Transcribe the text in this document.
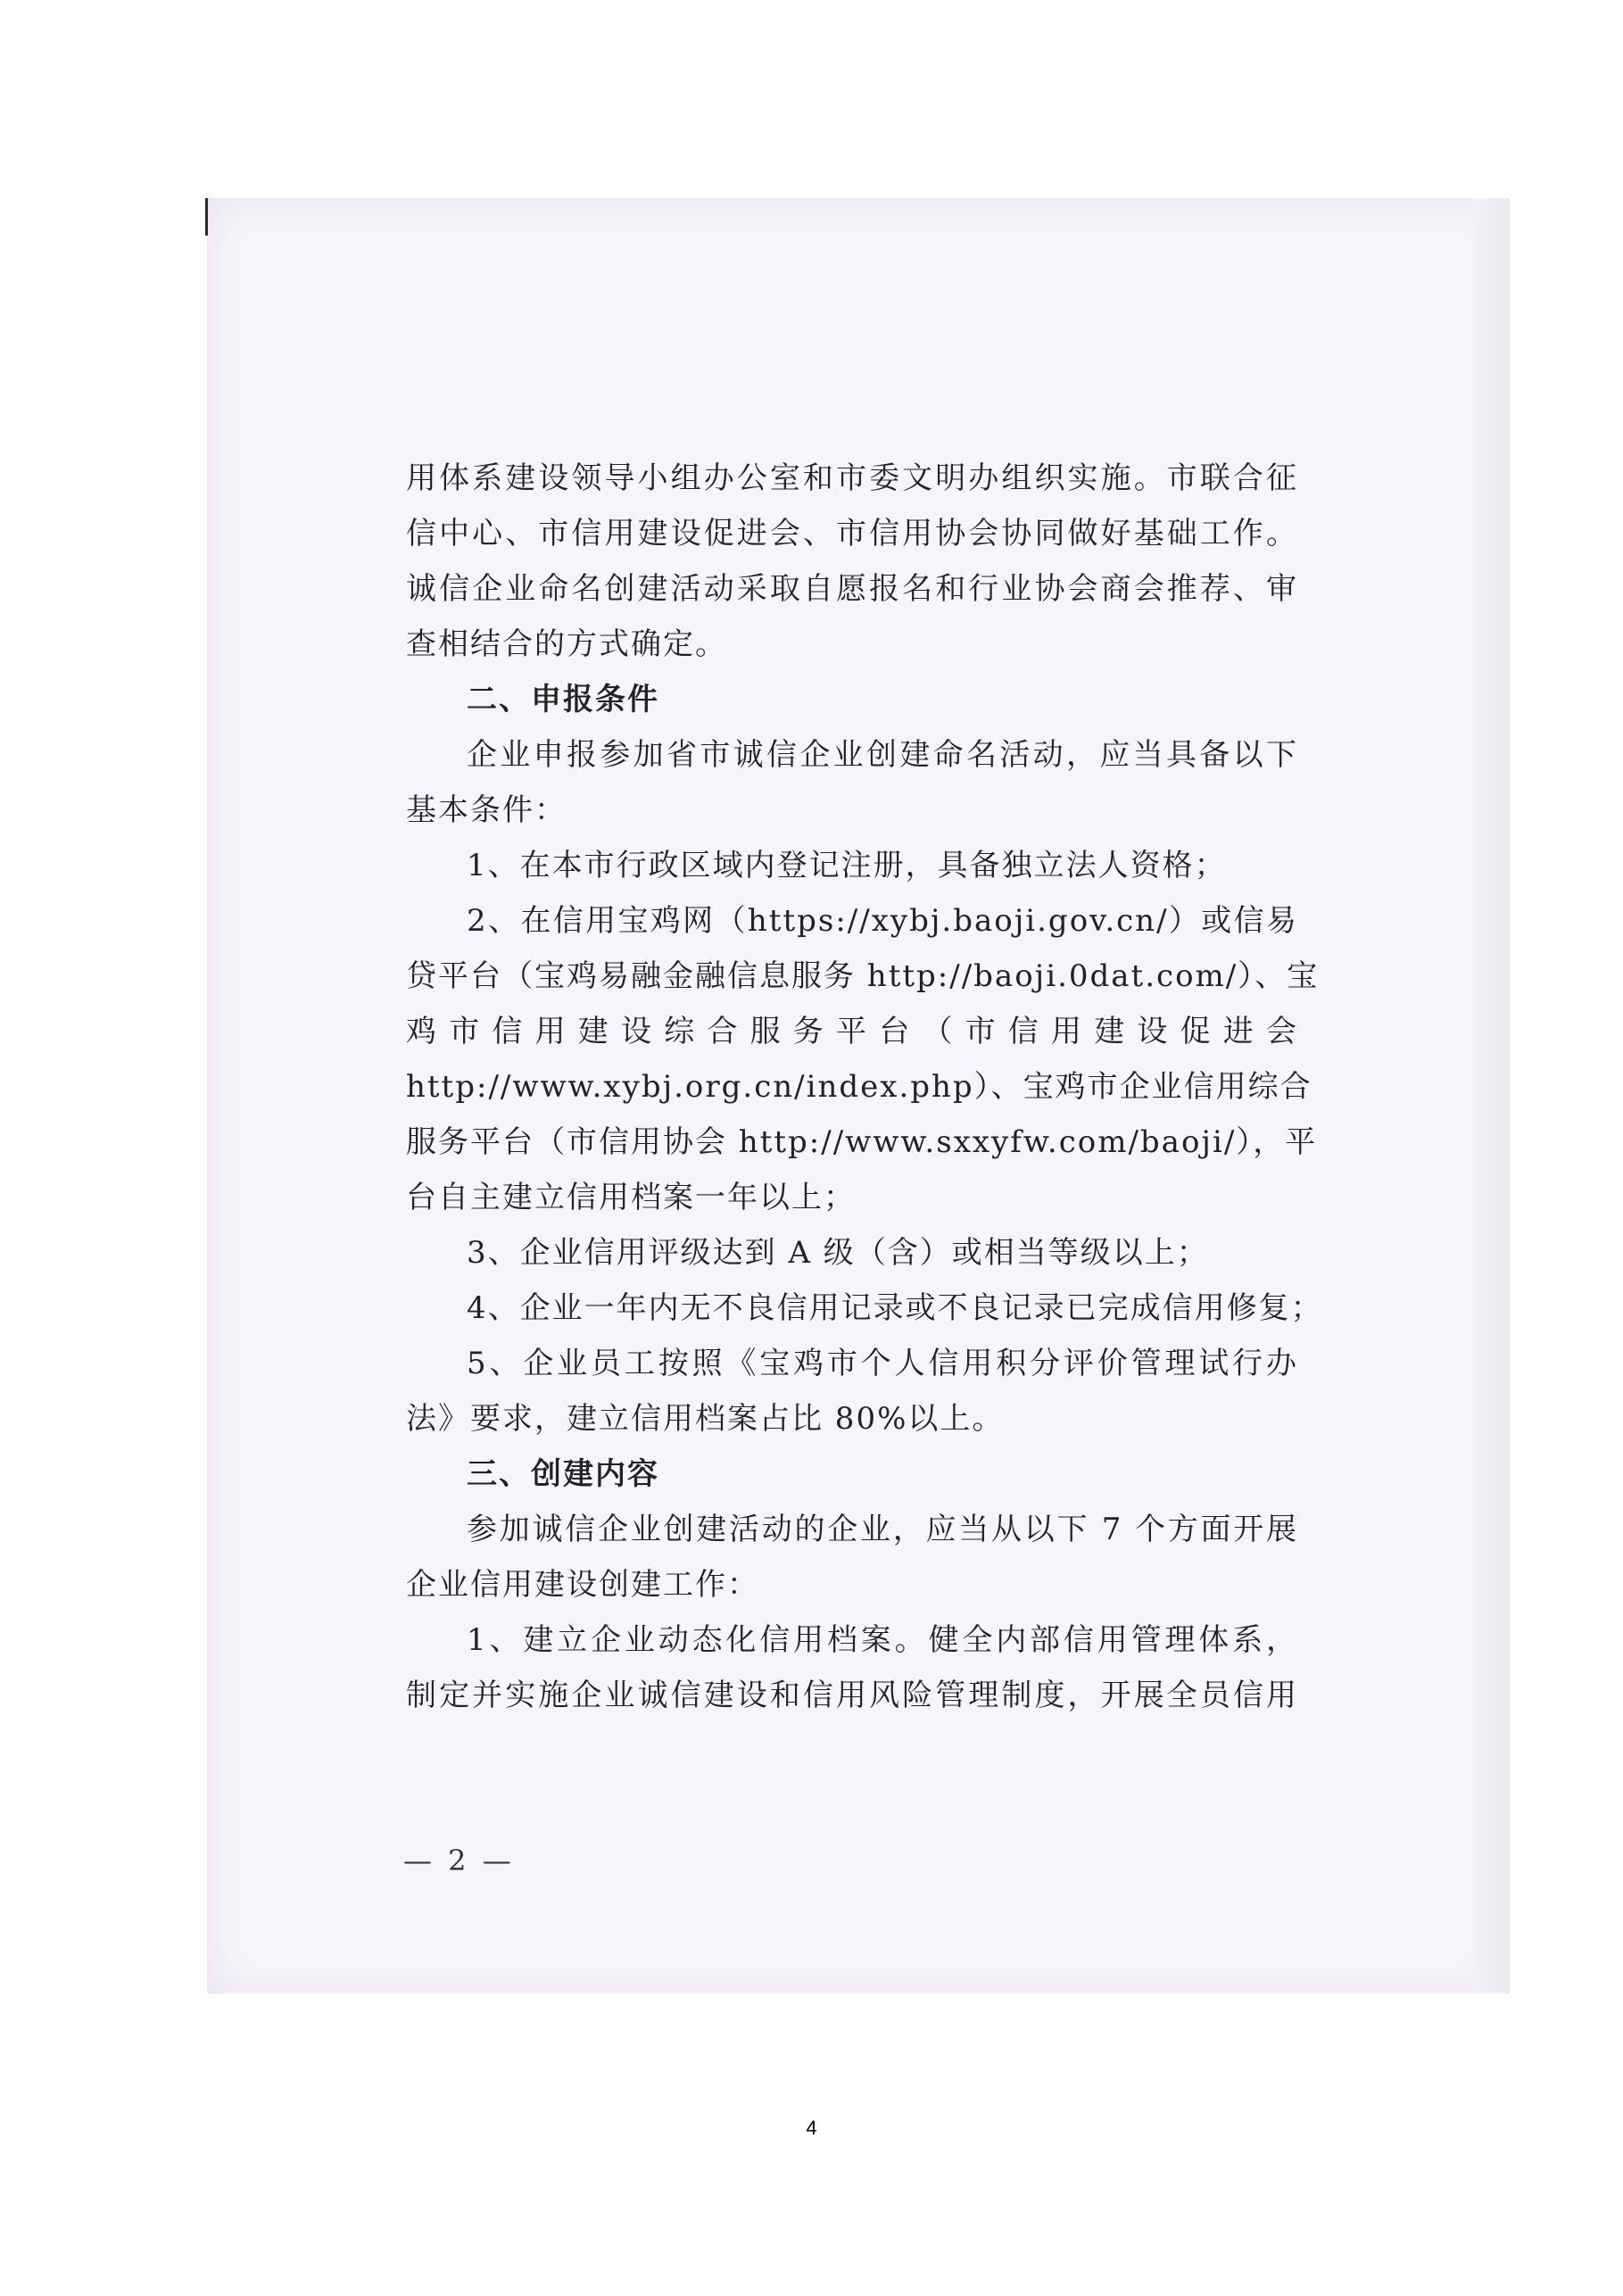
用体系建设领导小组办公室和市委文明办组织实施。市联合征
信中心、市信用建设促进会、市信用协会协同做好基础工作。
诚信企业命名创建活动采取自愿报名和行业协会商会推荐、审
查相结合的方式确定。
二、申报条件
企业申报参加省市诚信企业创建命名活动，应当具备以下
基本条件：
1、在本市行政区域内登记注册，具备独立法人资格；
2、在信用宝鸡网（https://xybj.baoji.gov.cn/）或信易
贷平台（宝鸡易融金融信息服务 http://baoji.0dat.com/）、宝
鸡市信用建设综合服务平台（市信用建设促进会
http://www.xybj.org.cn/index.php）、宝鸡市企业信用综合
服务平台（市信用协会 http://www.sxxyfw.com/baoji/），平
台自主建立信用档案一年以上；
3、企业信用评级达到 A 级（含）或相当等级以上；
4、企业一年内无不良信用记录或不良记录已完成信用修复；
5、企业员工按照《宝鸡市个人信用积分评价管理试行办
法》要求，建立信用档案占比 80%以上。
三、创建内容
参加诚信企业创建活动的企业，应当从以下 7 个方面开展
企业信用建设创建工作：
1、建立企业动态化信用档案。健全内部信用管理体系，
制定并实施企业诚信建设和信用风险管理制度，开展全员信用
— 2 —
4
